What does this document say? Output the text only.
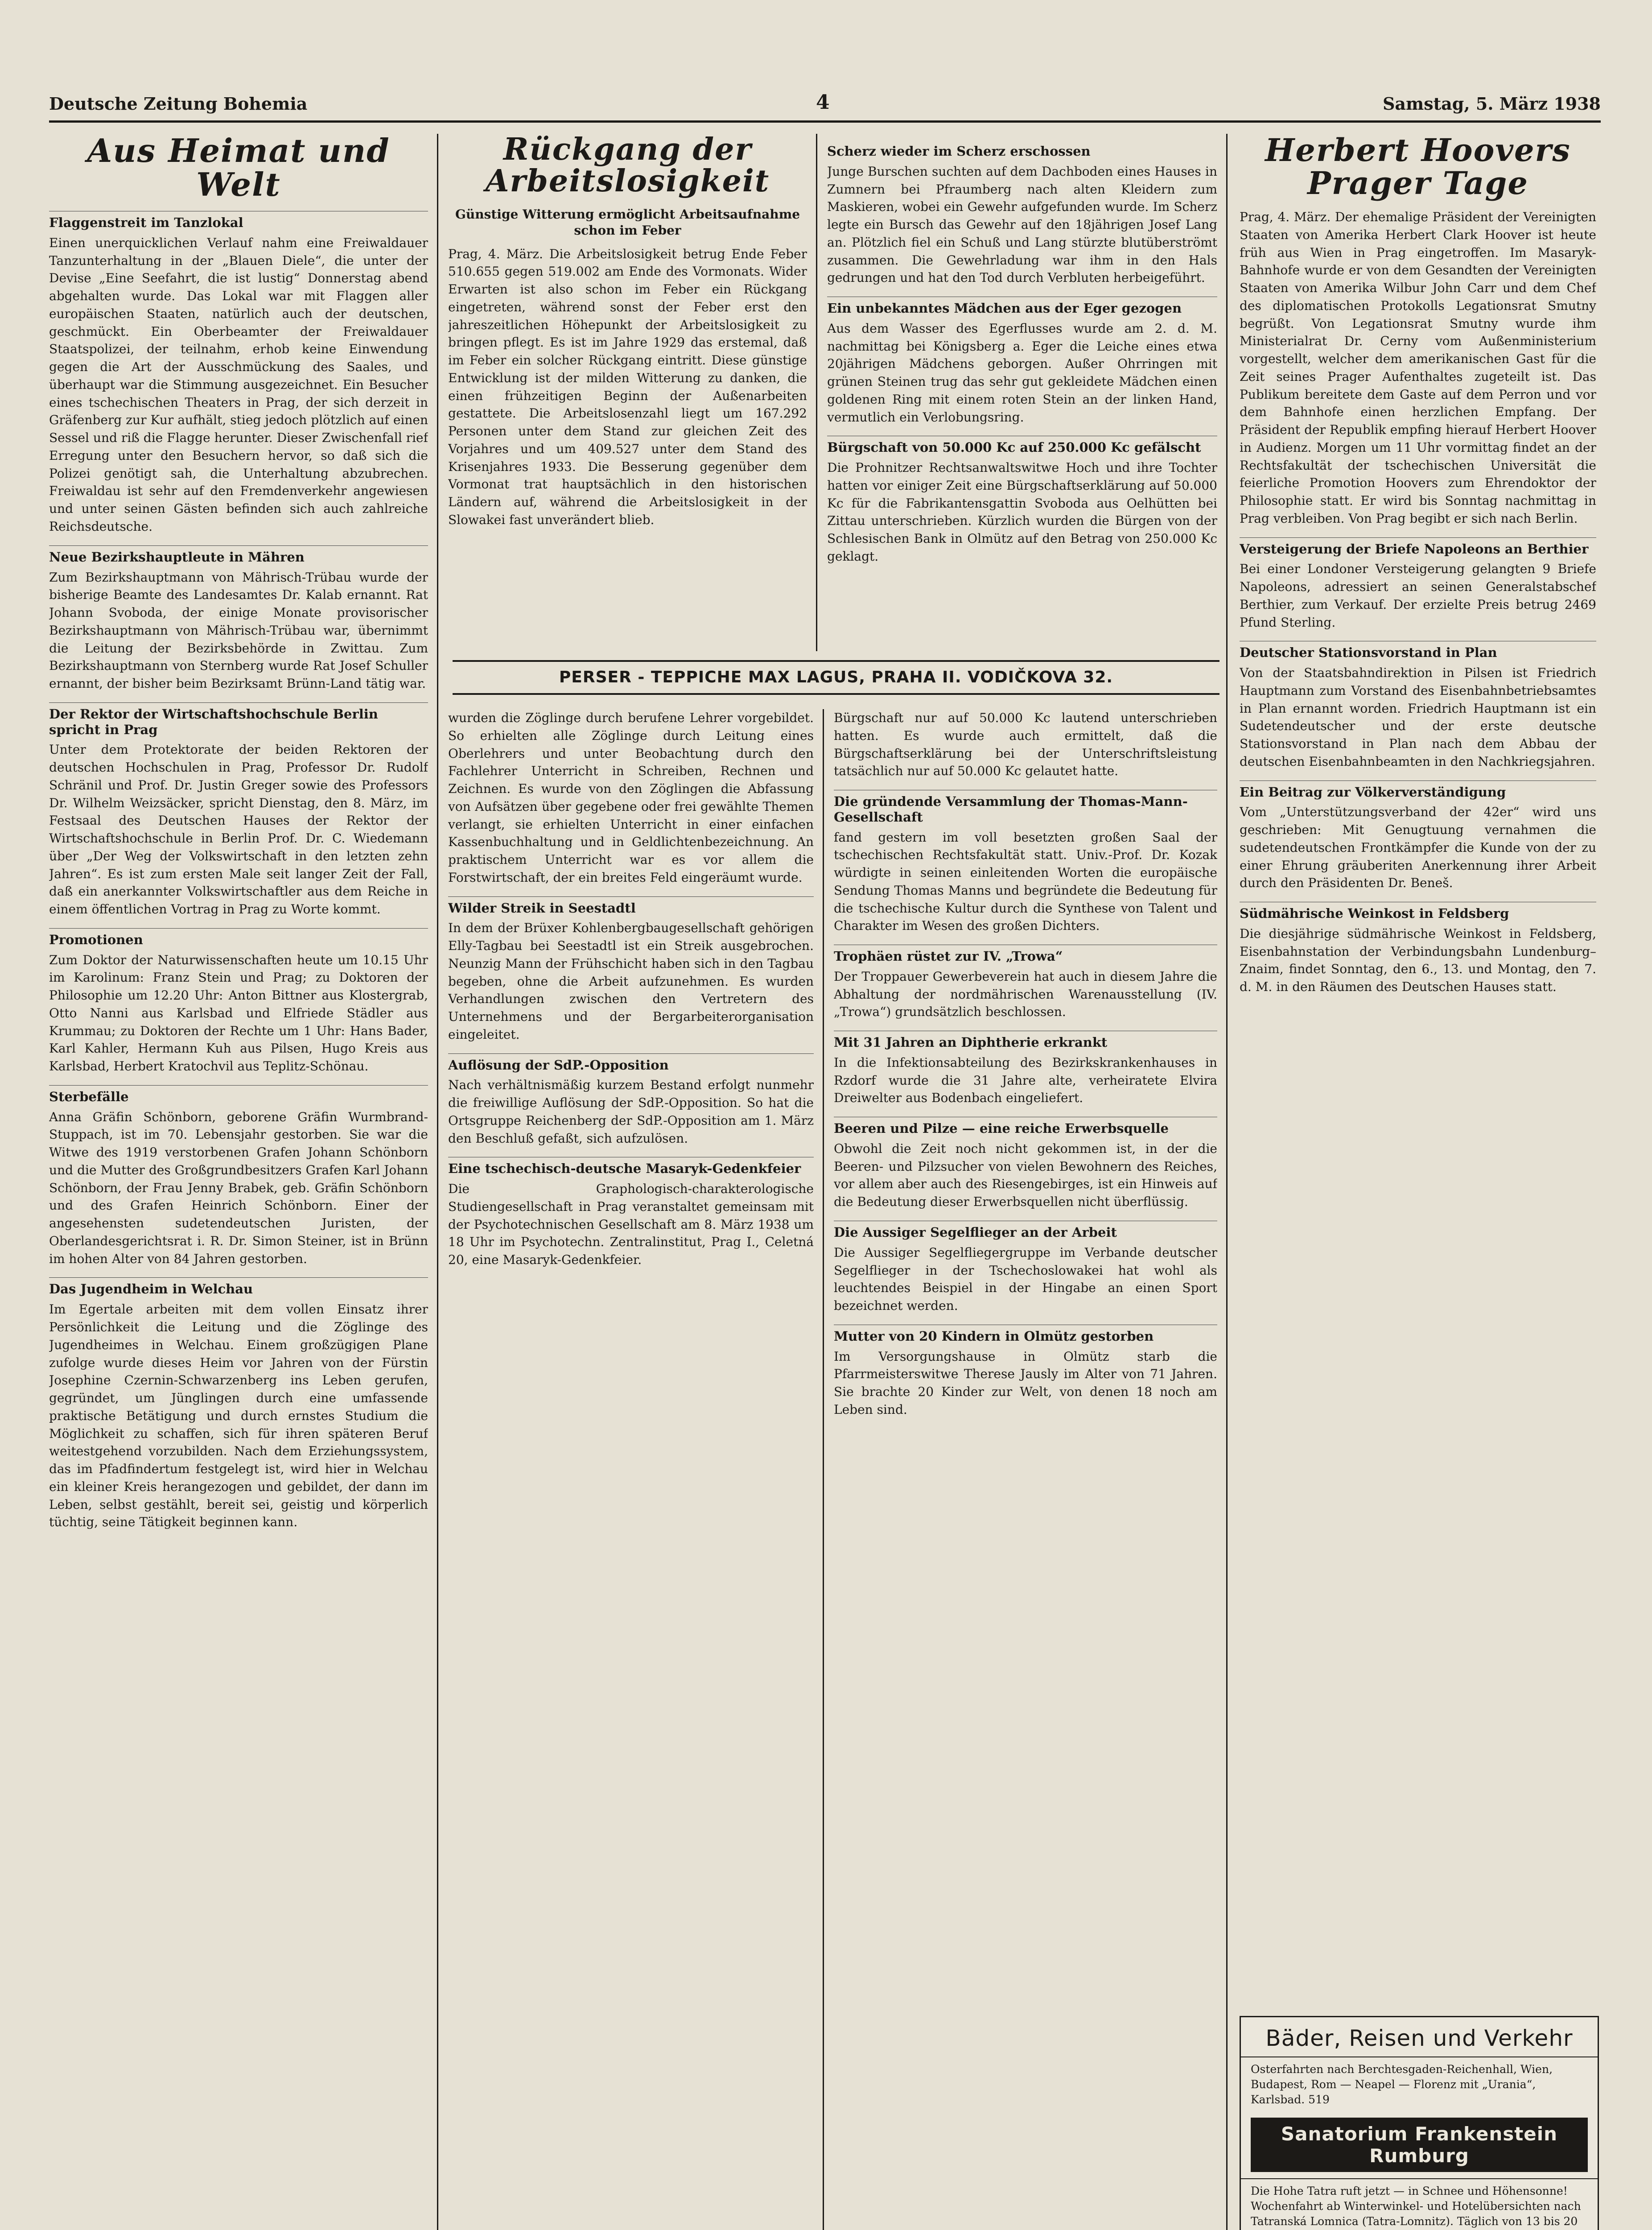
Deutsche Zeitung Bohemia	4	Samstag, 5. März 1938
Aus Heimat und Welt
Flaggenstreit im Tanzlokal

Einen unerquicklichen Verlauf nahm eine Freiwaldauer Tanzunterhaltung in der „Blauen Diele“, die unter der Devise „Eine Seefahrt, die ist lustig“ Donnerstag abend abgehalten wurde. Das Lokal war mit Flaggen aller europäischen Staaten, natürlich auch der deutschen, geschmückt. Ein Oberbeamter der Freiwaldauer Staatspolizei, der teilnahm, erhob keine Einwendung gegen die Art der Ausschmückung des Saales, und überhaupt war die Stimmung ausgezeichnet. Ein Besucher eines tschechischen Theaters in Prag, der sich derzeit in Gräfenberg zur Kur aufhält, stieg jedoch plötzlich auf einen Sessel und riß die Flagge herunter. Dieser Zwischenfall rief Erregung unter den Besuchern hervor, so daß sich die Polizei genötigt sah, die Unterhaltung abzubrechen. Freiwaldau ist sehr auf den Fremdenverkehr angewiesen und unter seinen Gästen befinden sich auch zahlreiche Reichsdeutsche.

Neue Bezirkshauptleute in Mähren

Zum Bezirkshauptmann von Mährisch-Trübau wurde der bisherige Beamte des Landesamtes Dr. Kalab ernannt. Rat Johann Svoboda, der einige Monate provisorischer Bezirkshauptmann von Mährisch-Trübau war, übernimmt die Leitung der Bezirksbehörde in Zwittau. Zum Bezirkshauptmann von Sternberg wurde Rat Josef Schuller ernannt, der bisher beim Bezirksamt Brünn-Land tätig war.

Der Rektor der Wirtschaftshochschule Berlin spricht in Prag

Unter dem Protektorate der beiden Rektoren der deutschen Hochschulen in Prag, Professor Dr. Rudolf Schränil und Prof. Dr. Justin Greger sowie des Professors Dr. Wilhelm Weizsäcker, spricht Dienstag, den 8. März, im Festsaal des Deutschen Hauses der Rektor der Wirtschaftshochschule in Berlin Prof. Dr. C. Wiedemann über „Der Weg der Volkswirtschaft in den letzten zehn Jahren“. Es ist zum ersten Male seit langer Zeit der Fall, daß ein anerkannter Volkswirtschaftler aus dem Reiche in einem öffentlichen Vortrag in Prag zu Worte kommt.

Promotionen

Zum Doktor der Naturwissenschaften heute um 10.15 Uhr im Karolinum: Franz Stein und Prag; zu Doktoren der Philosophie um 12.20 Uhr: Anton Bittner aus Klostergrab, Otto Nanni aus Karlsbad und Elfriede Städler aus Krummau; zu Doktoren der Rechte um 1 Uhr: Hans Bader, Karl Kahler, Hermann Kuh aus Pilsen, Hugo Kreis aus Karlsbad, Herbert Kratochvil aus Teplitz-Schönau.

Sterbefälle

Anna Gräfin Schönborn, geborene Gräfin Wurmbrand-Stuppach, ist im 70. Lebensjahr gestorben. Sie war die Witwe des 1919 verstorbenen Grafen Johann Schönborn und die Mutter des Großgrundbesitzers Grafen Karl Johann Schönborn, der Frau Jenny Brabek, geb. Gräfin Schönborn und des Grafen Heinrich Schönborn. Einer der angesehensten sudetendeutschen Juristen, der Oberlandesgerichtsrat i. R. Dr. Simon Steiner, ist in Brünn im hohen Alter von 84 Jahren gestorben.

Das Jugendheim in Welchau

Im Egertale arbeiten mit dem vollen Einsatz ihrer Persönlichkeit die Leitung und die Zöglinge des Jugendheimes in Welchau. Einem großzügigen Plane zufolge wurde dieses Heim vor Jahren von der Fürstin Josephine Czernin-Schwarzenberg ins Leben gerufen, gegründet, um Jünglingen durch eine umfassende praktische Betätigung und durch ernstes Studium die Möglichkeit zu schaffen, sich für ihren späteren Beruf weitestgehend vorzubilden. Nach dem Erziehungssystem, das im Pfadfindertum festgelegt ist, wird hier in Welchau ein kleiner Kreis herangezogen und gebildet, der dann im Leben, selbst gestählt, bereit sei, geistig und körperlich tüchtig, seine Tätigkeit beginnen kann.

Rückgang der Arbeitslosigkeit
Günstige Witterung ermöglicht Arbeitsaufnahme schon im Feber

Prag, 4. März. Die Arbeitslosigkeit betrug Ende Feber 510.655 gegen 519.002 am Ende des Vormonats. Wider Erwarten ist also schon im Feber ein Rückgang eingetreten, während sonst der Feber erst den jahreszeitlichen Höhepunkt der Arbeitslosigkeit zu bringen pflegt. Es ist im Jahre 1929 das erstemal, daß im Feber ein solcher Rückgang eintritt. Diese günstige Entwicklung ist der milden Witterung zu danken, die einen frühzeitigen Beginn der Außenarbeiten gestattete. Die Arbeitslosenzahl liegt um 167.292 Personen unter dem Stand zur gleichen Zeit des Vorjahres und um 409.527 unter dem Stand des Krisenjahres 1933. Die Besserung gegenüber dem Vormonat trat hauptsächlich in den historischen Ländern auf, während die Arbeitslosigkeit in der Slowakei fast unverändert blieb.

Scherz wieder im Scherz erschossen

Junge Burschen suchten auf dem Dachboden eines Hauses in Zumnern bei Pfraumberg nach alten Kleidern zum Maskieren, wobei ein Gewehr aufgefunden wurde. Im Scherz legte ein Bursch das Gewehr auf den 18jährigen Josef Lang an. Plötzlich fiel ein Schuß und Lang stürzte blutüberströmt zusammen. Die Gewehrladung war ihm in den Hals gedrungen und hat den Tod durch Verbluten herbeigeführt.

Ein unbekanntes Mädchen aus der Eger gezogen

Aus dem Wasser des Egerflusses wurde am 2. d. M. nachmittag bei Königsberg a. Eger die Leiche eines etwa 20jährigen Mädchens geborgen. Außer Ohrringen mit grünen Steinen trug das sehr gut gekleidete Mädchen einen goldenen Ring mit einem roten Stein an der linken Hand, vermutlich ein Verlobungsring.

Bürgschaft von 50.000 Kc auf 250.000 Kc gefälscht

Die Prohnitzer Rechtsanwaltswitwe Hoch und ihre Tochter hatten vor einiger Zeit eine Bürgschaftserklärung auf 50.000 Kc für die Fabrikantensgattin Svoboda aus Oelhütten bei Zittau unterschrieben. Kürzlich wurden die Bürgen von der Schlesischen Bank in Olmütz auf den Betrag von 250.000 Kc geklagt.

PERSER - TEPPICHE MAX LAGUS, PRAHA II. VODIČKOVA 32.

wurden die Zöglinge durch berufene Lehrer vorgebildet. So erhielten alle Zöglinge durch Leitung eines Oberlehrers und unter Beobachtung durch den Fachlehrer Unterricht in Schreiben, Rechnen und Zeichnen. Es wurde von den Zöglingen die Abfassung von Aufsätzen über gegebene oder frei gewählte Themen verlangt, sie erhielten Unterricht in einer einfachen Kassenbuchhaltung und in Geldlichtenbezeichnung. An praktischem Unterricht war es vor allem die Forstwirtschaft, der ein breites Feld eingeräumt wurde.

Wilder Streik in Seestadtl

In dem der Brüxer Kohlenbergbaugesellschaft gehörigen Elly-Tagbau bei Seestadtl ist ein Streik ausgebrochen. Neunzig Mann der Frühschicht haben sich in den Tagbau begeben, ohne die Arbeit aufzunehmen. Es wurden Verhandlungen zwischen den Vertretern des Unternehmens und der Bergarbeiterorganisation eingeleitet.

Auflösung der SdP.-Opposition

Nach verhältnismäßig kurzem Bestand erfolgt nunmehr die freiwillige Auflösung der SdP.-Opposition. So hat die Ortsgruppe Reichenberg der SdP.-Opposition am 1. März den Beschluß gefaßt, sich aufzulösen.

Eine tschechisch-deutsche Masaryk-Gedenkfeier

Die Graphologisch-charakterologische Studiengesellschaft in Prag veranstaltet gemeinsam mit der Psychotechnischen Gesellschaft am 8. März 1938 um 18 Uhr im Psychotechn. Zentralinstitut, Prag I., Celetná 20, eine Masaryk-Gedenkfeier.

Bürgschaft nur auf 50.000 Kc lautend unterschrieben hatten. Es wurde auch ermittelt, daß die Bürgschaftserklärung bei der Unterschriftsleistung tatsächlich nur auf 50.000 Kc gelautet hatte.

Die gründende Versammlung der Thomas-Mann-Gesellschaft

fand gestern im voll besetzten großen Saal der tschechischen Rechtsfakultät statt. Univ.-Prof. Dr. Kozak würdigte in seinen einleitenden Worten die europäische Sendung Thomas Manns und begründete die Bedeutung für die tschechische Kultur durch die Synthese von Talent und Charakter im Wesen des großen Dichters.

Trophäen rüstet zur IV. „Trowa“

Der Troppauer Gewerbeverein hat auch in diesem Jahre die Abhaltung der nordmährischen Warenausstellung (IV. „Trowa“) grundsätzlich beschlossen.

Mit 31 Jahren an Diphtherie erkrankt

In die Infektionsabteilung des Bezirkskrankenhauses in Rzdorf wurde die 31 Jahre alte, verheiratete Elvira Dreiwelter aus Bodenbach eingeliefert.

Beeren und Pilze — eine reiche Erwerbsquelle

Obwohl die Zeit noch nicht gekommen ist, in der die Beeren- und Pilzsucher von vielen Bewohnern des Reiches, vor allem aber auch des Riesengebirges, ist ein Hinweis auf die Bedeutung dieser Erwerbsquellen nicht überflüssig.

Die Aussiger Segelflieger an der Arbeit

Die Aussiger Segelfliegergruppe im Verbande deutscher Segelflieger in der Tschechoslowakei hat wohl als leuchtendes Beispiel in der Hingabe an einen Sport bezeichnet werden.

Mutter von 20 Kindern in Olmütz gestorben

Im Versorgungshause in Olmütz starb die Pfarrmeisterswitwe Therese Jausly im Alter von 71 Jahren. Sie brachte 20 Kinder zur Welt, von denen 18 noch am Leben sind.

Herbert Hoovers Prager Tage

Prag, 4. März. Der ehemalige Präsident der Vereinigten Staaten von Amerika Herbert Clark Hoover ist heute früh aus Wien in Prag eingetroffen. Im Masaryk-Bahnhofe wurde er von dem Gesandten der Vereinigten Staaten von Amerika Wilbur John Carr und dem Chef des diplomatischen Protokolls Legationsrat Smutny begrüßt. Von Legationsrat Smutny wurde ihm Ministerialrat Dr. Cerny vom Außenministerium vorgestellt, welcher dem amerikanischen Gast für die Zeit seines Prager Aufenthaltes zugeteilt ist. Das Publikum bereitete dem Gaste auf dem Perron und vor dem Bahnhofe einen herzlichen Empfang. Der Präsident der Republik empfing hierauf Herbert Hoover in Audienz. Morgen um 11 Uhr vormittag findet an der Rechtsfakultät der tschechischen Universität die feierliche Promotion Hoovers zum Ehrendoktor der Philosophie statt. Er wird bis Sonntag nachmittag in Prag verbleiben. Von Prag begibt er sich nach Berlin.

Versteigerung der Briefe Napoleons an Berthier

Bei einer Londoner Versteigerung gelangten 9 Briefe Napoleons, adressiert an seinen Generalstabschef Berthier, zum Verkauf. Der erzielte Preis betrug 2469 Pfund Sterling.

Deutscher Stationsvorstand in Plan

Von der Staatsbahndirektion in Pilsen ist Friedrich Hauptmann zum Vorstand des Eisenbahnbetriebsamtes in Plan ernannt worden. Friedrich Hauptmann ist ein Sudetendeutscher und der erste deutsche Stationsvorstand in Plan nach dem Abbau der deutschen Eisenbahnbeamten in den Nachkriegsjahren.

Ein Beitrag zur Völkerverständigung

Vom „Unterstützungsverband der 42er“ wird uns geschrieben: Mit Genugtuung vernahmen die sudetendeutschen Frontkämpfer die Kunde von der zu einer Ehrung gräuberiten Anerkennung ihrer Arbeit durch den Präsidenten Dr. Beneš.

Südmährische Weinkost in Feldsberg

Die diesjährige südmährische Weinkost in Feldsberg, Eisenbahnstation der Verbindungsbahn Lundenburg–Znaim, findet Sonntag, den 6., 13. und Montag, den 7. d. M. in den Räumen des Deutschen Hauses statt.

Bäder, Reisen und Verkehr
Osterfahrten nach Berchtesgaden-Reichenhall, Wien, Budapest, Rom — Neapel — Florenz mit „Urania“, Karlsbad. 519
Sanatorium Frankenstein Rumburg
Die Hohe Tatra ruft jetzt — in Schnee und Höhensonne! Wochenfahrt ab Winterwinkel- und Hotelübersichten nach Tatranská Lomnica (Tatra-Lomnitz). Täglich von 13 bis 20
